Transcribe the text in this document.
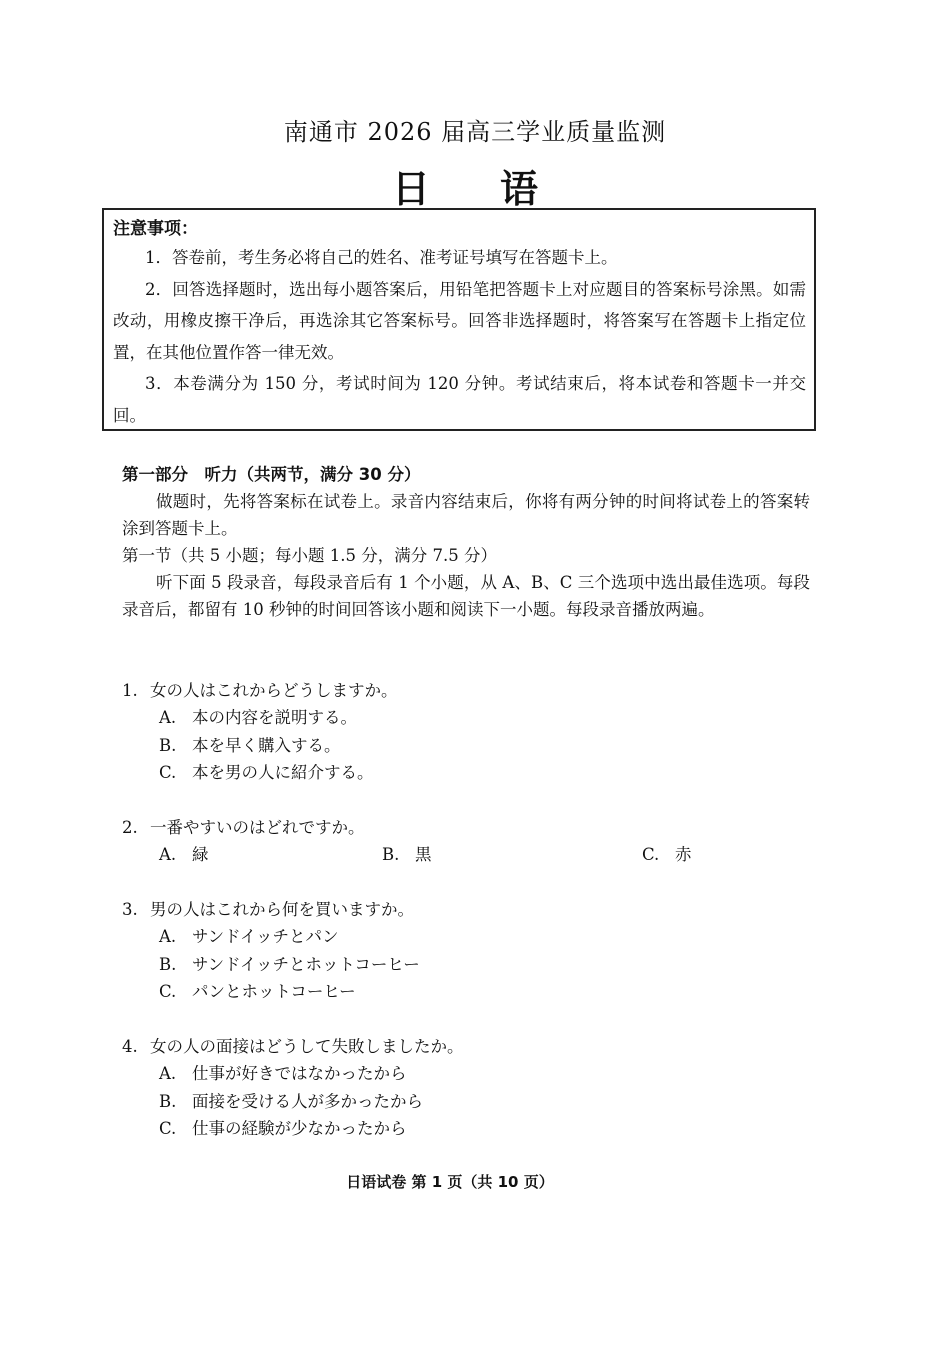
南通市 2026 届高三学业质量监测
日 语
注意事项：
1．答卷前，考生务必将自己的姓名、准考证号填写在答题卡上。
2．回答选择题时，选出每小题答案后，用铅笔把答题卡上对应题目的答案标号涂黑。如需改动，用橡皮擦干净后，再选涂其它答案标号。回答非选择题时，将答案写在答题卡上指定位置，在其他位置作答一律无效。
3．本卷满分为 150 分，考试时间为 120 分钟。考试结束后，将本试卷和答题卡一并交回。

第一部分　听力（共两节，满分 30 分）

做题时，先将答案标在试卷上。录音内容结束后，你将有两分钟的时间将试卷上的答案转涂到答题卡上。

第一节（共 5 小题；每小题 1.5 分，满分 7.5 分）

听下面 5 段录音，每段录音后有 1 个小题，从 A、B、C 三个选项中选出最佳选项。每段录音后，都留有 10 秒钟的时间回答该小题和阅读下一小题。每段录音播放两遍。

1. 女の人はこれからどうしますか。

A. 本の内容を説明する。

B. 本を早く購入する。

C. 本を男の人に紹介する。

2. 一番やすいのはどれですか。

A. 緑	B. 黒	C. 赤

3. 男の人はこれから何を買いますか。

A. サンドイッチとパン

B. サンドイッチとホットコーヒー

C. パンとホットコーヒー

4. 女の人の面接はどうして失敗しましたか。

A. 仕事が好きではなかったから

B. 面接を受ける人が多かったから

C. 仕事の経験が少なかったから

日语试卷 第 1 页（共 10 页）
